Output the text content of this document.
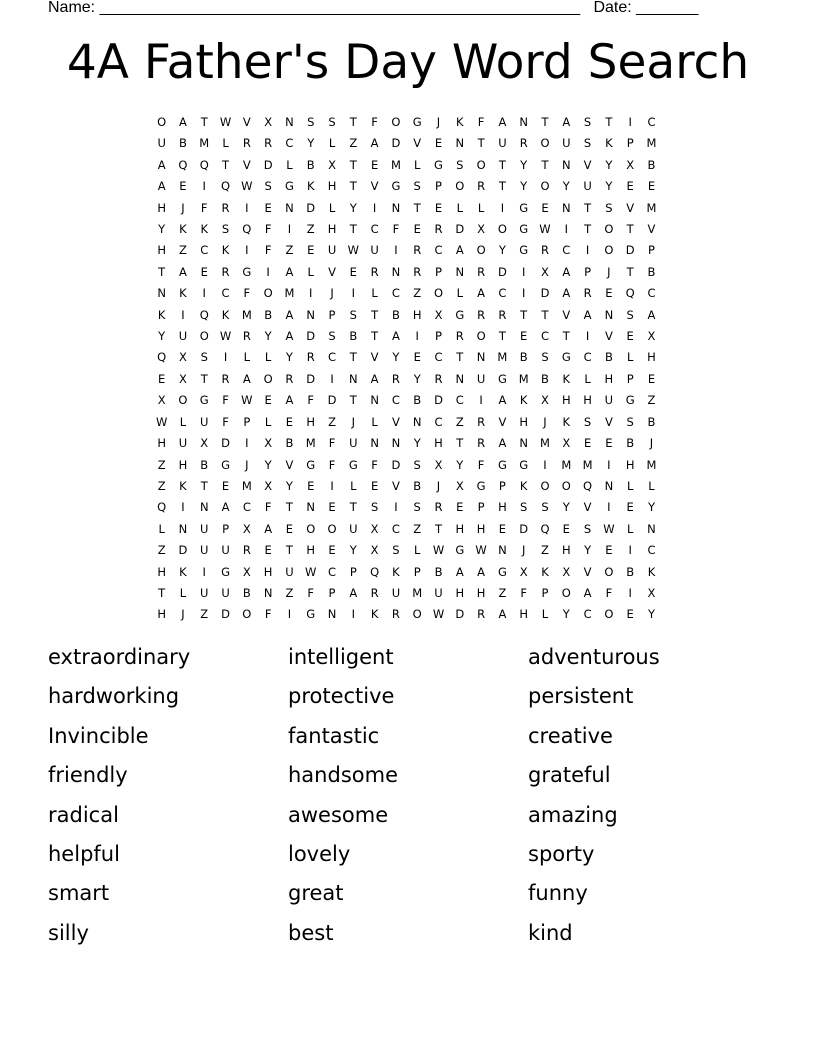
Name: ______________________________________________________ Date: _______
4A Father's Day Word Search
O	A	T	W	V	X	N	S	S	T	F	O	G	J	K	F	A	N	T	A	S	T	I	C
U	B	M	L	R	R	C	Y	L	Z	A	D	V	E	N	T	U	R	O	U	S	K	P	M
A	Q	Q	T	V	D	L	B	X	T	E	M	L	G	S	O	T	Y	T	N	V	Y	X	B
A	E	I	Q W	S	G	K	H	T	V	G	S	P	O	R	T	Y	O	Y	U	Y	E	E
H	J	F	R	I	E	N	D	L	Y	I	N	T	E	L	L	I	G	E	N	T	S	V	M
Y	K	K	S	Q	F	I	Z	H	T	C	F	E	R	D	X	O	G W	I	T	O	T	V
H	Z	C	K	I	F	Z	E	U W U	I	R	C	A	O	Y	G	R	C	I	O	D	P
T	A	E	R	G	I	A	L	V	E	R	N	R	P	N	R	D	I	X	A	P	J	T	B
N	K	I	C	F	O	M	I	J	I	L	C	Z	O	L	A	C	I	D	A	R	E	Q	C
K	I	Q	K	M	B	A	N	P	S	T	B	H	X	G	R	R	T	T	V	A	N	S	A
Y	U	O W	R	Y	A	D	S	B	T	A	I	P	R	O	T	E	C	T	I	V	E	X
Q	X	S	I	L	L	Y	R	C	T	V	Y	E	C	T	N	M	B	S	G	C	B	L	H
E	X	T	R	A	O	R	D	I	N	A	R	Y	R	N	U	G	M	B	K	L	H	P	E
X	O	G	F	W	E	A	F	D	T	N	C	B	D	C	I	A	K	X	H	H	U	G	Z
W	L	U	F	P	L	E	H	Z	J	L	V	N	C	Z	R	V	H	J	K	S	V	S	B
H	U	X	D	I	X	B	M	F	U	N	N	Y	H	T	R	A	N	M	X	E	E	B	J
Z	H	B	G	J	Y	V	G	F	G	F	D	S	X	Y	F	G	G	I	M M	I	H	M
Z	K	T	E	M	X	Y	E	I	L	E	V	B	J	X	G	P	K	O	O	Q	N	L	L
Q	I	N	A	C	F	T	N	E	T	S	I	S	R	E	P	H	S	S	Y	V	I	E	Y
L	N	U	P	X	A	E	O	O	U	X	C	Z	T	H	H	E	D	Q	E	S	W	L	N
Z	D	U	U	R	E	T	H	E	Y	X	S	L	W G W N	J	Z	H	Y	E	I	C
H	K	I	G	X	H	U W	C	P	Q	K	P	B	A	A	G	X	K	X	V	O	B	K
T	L	U	U	B	N	Z	F	P	A	R	U	M	U	H	H	Z	F	P	O	A	F	I	X
H	J	Z	D	O	F	I	G	N	I	K	R	O W D	R	A	H	L	Y	C	O	E	Y
extraordinary	intelligent	adventurous
hardworking	protective	persistent
Invincible	fantastic	creative
friendly	handsome	grateful
radical	awesome	amazing
helpful	lovely	sporty
smart	great	funny
silly	best	kind
